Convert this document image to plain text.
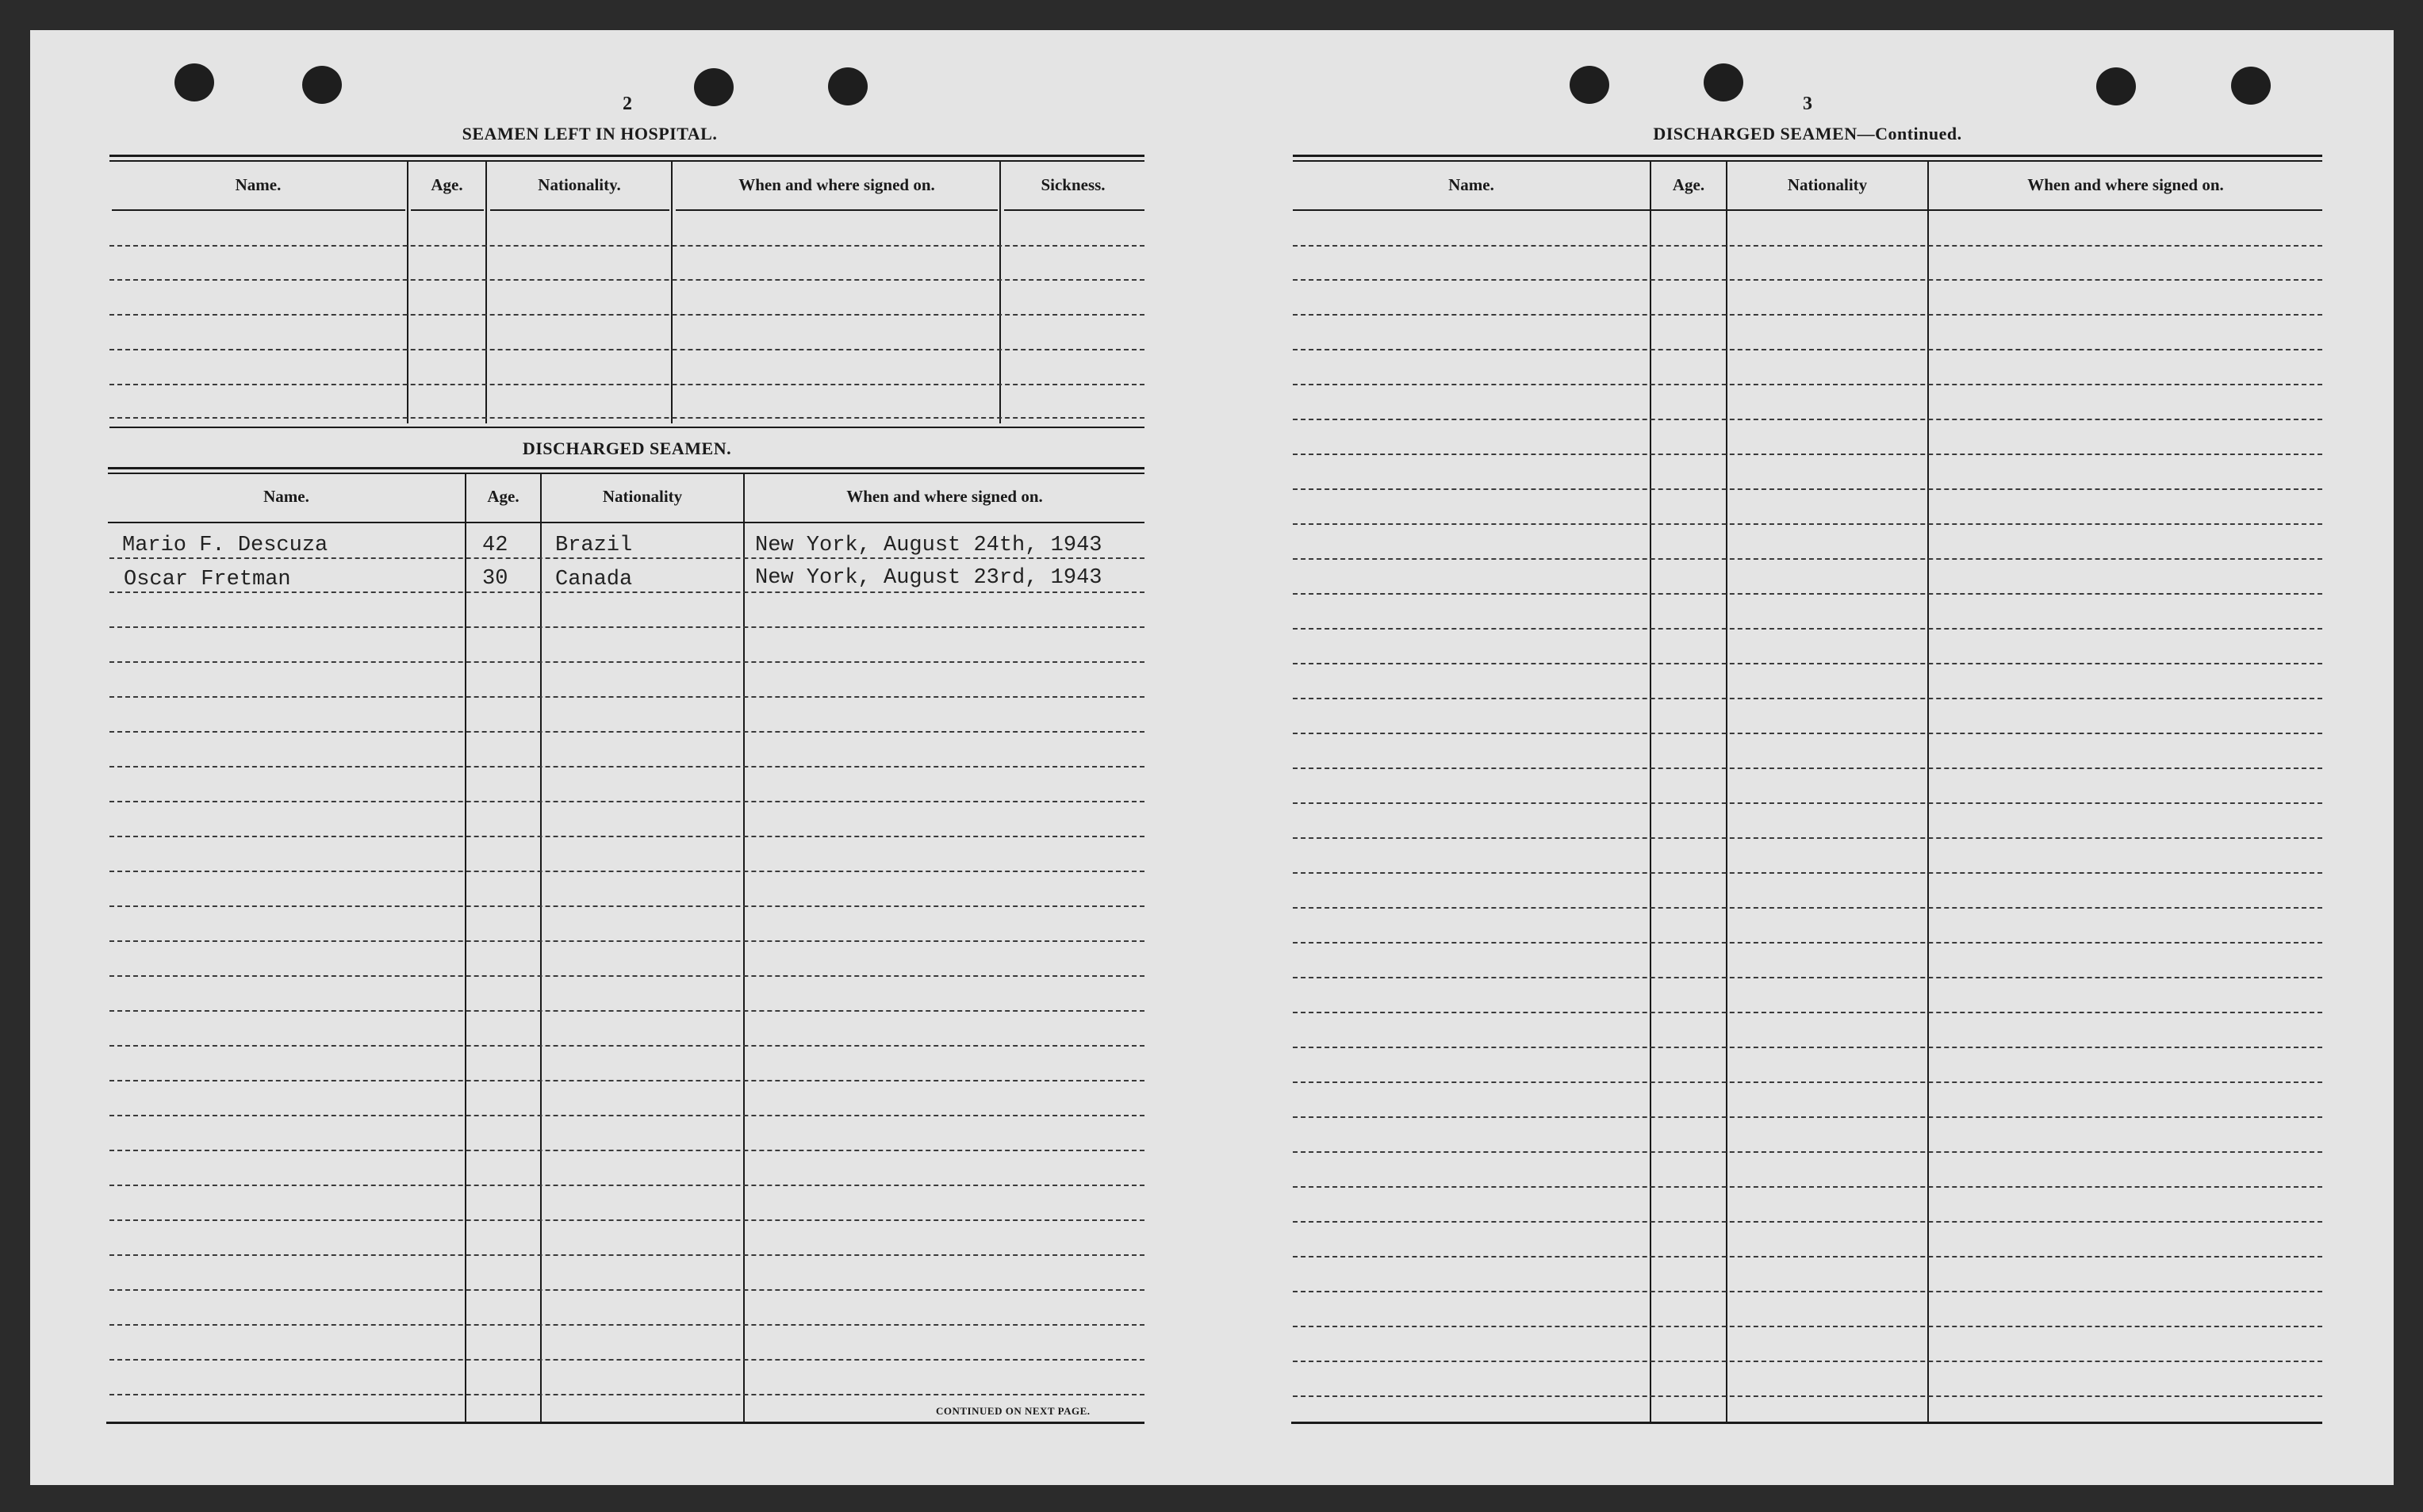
2
SEAMEN LEFT IN HOSPITAL.
Name.	Age.	Nationality.	When and where signed on.	Sickness.
DISCHARGED SEAMEN.
Name.	Age.	Nationality	When and where signed on.
Mario F. Descuza	42 Brazil	New York, August 24th, 1943
Oscar Fretman	30 Canada	New York, August 23rd, 1943
CONTINUED ON NEXT PAGE.
3
DISCHARGED SEAMEN—Continued.
Name.	Age.	Nationality	When and where signed on.
